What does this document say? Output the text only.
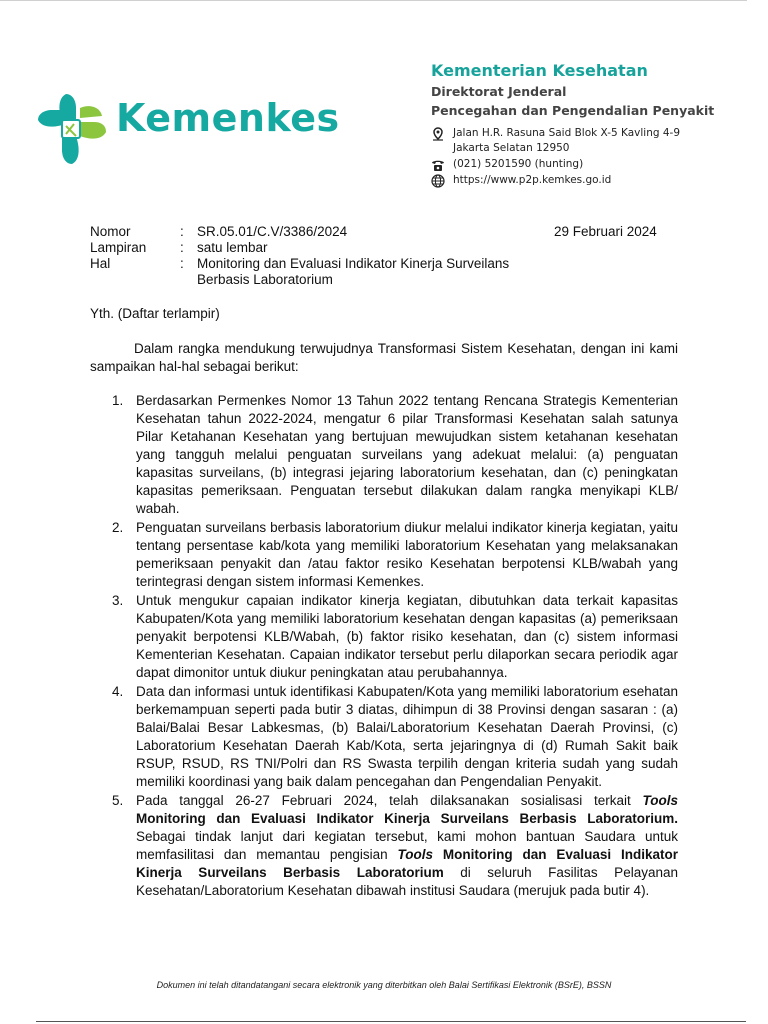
Kemenkes

Kementerian Kesehatan

Direktorat Jenderal

Pencegahan dan Pengendalian Penyakit

Jalan H.R. Rasuna Said Blok X-5 Kavling 4-9
Jakarta Selatan 12950
(021) 5201590 (hunting)
https://www.p2p.kemkes.go.id
Nomor	: SR.05.01/C.V/3386/2024
Lampiran : satu lembar
Hal	: Monitoring dan Evaluasi Indikator Kinerja Surveilans Berbasis Laboratorium
29 Februari 2024
Yth. (Daftar terlampir)

Dalam rangka mendukung terwujudnya Transformasi Sistem Kesehatan, dengan ini kami sampaikan hal-hal sebagai berikut:

1. Berdasarkan Permenkes Nomor 13 Tahun 2022 tentang Rencana Strategis Kementerian Kesehatan tahun 2022-2024, mengatur 6 pilar Transformasi Kesehatan salah satunya Pilar Ketahanan Kesehatan yang bertujuan mewujudkan sistem ketahanan kesehatan yang tangguh melalui penguatan surveilans yang adekuat melalui: (a) penguatan kapasitas surveilans, (b) integrasi jejaring laboratorium kesehatan, dan (c) peningkatan kapasitas pemeriksaan. Penguatan tersebut dilakukan dalam rangka menyikapi KLB/ wabah.
2. Penguatan surveilans berbasis laboratorium diukur melalui indikator kinerja kegiatan, yaitu tentang persentase kab/kota yang memiliki laboratorium Kesehatan yang melaksanakan pemeriksaan penyakit dan /atau faktor resiko Kesehatan berpotensi KLB/wabah yang terintegrasi dengan sistem informasi Kemenkes.
3. Untuk mengukur capaian indikator kinerja kegiatan, dibutuhkan data terkait kapasitas Kabupaten/Kota yang memiliki laboratorium kesehatan dengan kapasitas (a) pemeriksaan penyakit berpotensi KLB/Wabah, (b) faktor risiko kesehatan, dan (c) sistem informasi Kementerian Kesehatan. Capaian indikator tersebut perlu dilaporkan secara periodik agar dapat dimonitor untuk diukur peningkatan atau perubahannya.
4. Data dan informasi untuk identifikasi Kabupaten/Kota yang memiliki laboratorium esehatan berkemampuan seperti pada butir 3 diatas, dihimpun di 38 Provinsi dengan sasaran : (a) Balai/Balai Besar Labkesmas, (b) Balai/Laboratorium Kesehatan Daerah Provinsi, (c) Laboratorium Kesehatan Daerah Kab/Kota, serta jejaringnya di (d) Rumah Sakit baik RSUP, RSUD, RS TNI/Polri dan RS Swasta terpilih dengan kriteria sudah yang sudah memiliki koordinasi yang baik dalam pencegahan dan Pengendalian Penyakit.
5. Pada tanggal 26-27 Februari 2024, telah dilaksanakan sosialisasi terkait Tools Monitoring dan Evaluasi Indikator Kinerja Surveilans Berbasis Laboratorium. Sebagai tindak lanjut dari kegiatan tersebut, kami mohon bantuan Saudara untuk memfasilitasi dan memantau pengisian Tools Monitoring dan Evaluasi Indikator Kinerja Surveilans Berbasis Laboratorium di seluruh Fasilitas Pelayanan Kesehatan/Laboratorium Kesehatan dibawah institusi Saudara (merujuk pada butir 4).
Dokumen ini telah ditandatangani secara elektronik yang diterbitkan oleh Balai Sertifikasi Elektronik (BSrE), BSSN
